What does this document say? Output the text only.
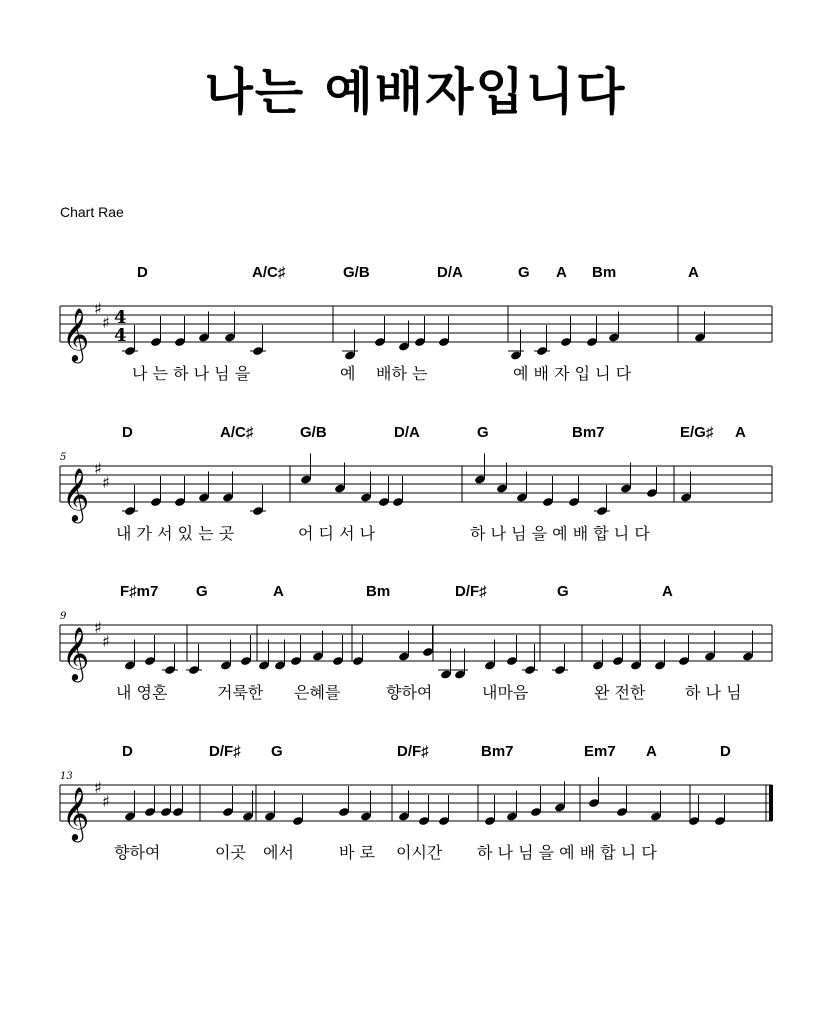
나는 예배자입니다
Chart Rae
𝄞 ♯
♯ 4
4
D	A/C♯	G/B	D/A	G A Bm	A
나 는 하 나 님 을	예 배하 는	예 배 자 입 니 다
𝄞 ♯
♯
5
D	A/C♯	G/B	D/A	G	Bm7	E/G♯ A
내 가 서 있 는 곳	어 디 서 나	하 나 님 을 예 배 합 니 다
𝄞 ♯
♯
9
F♯m7	G	A	Bm	D/F♯	G	A
내 영혼	거룩한 은혜를	향하여	내마음	완 전한 하 나 님
𝄞 ♯
♯
13
D	D/F♯ G	D/F♯	Bm7	Em7 A	D
향하여	이곳 에서	바 로 이시간 하 나 님 을 예 배 합 니 다
